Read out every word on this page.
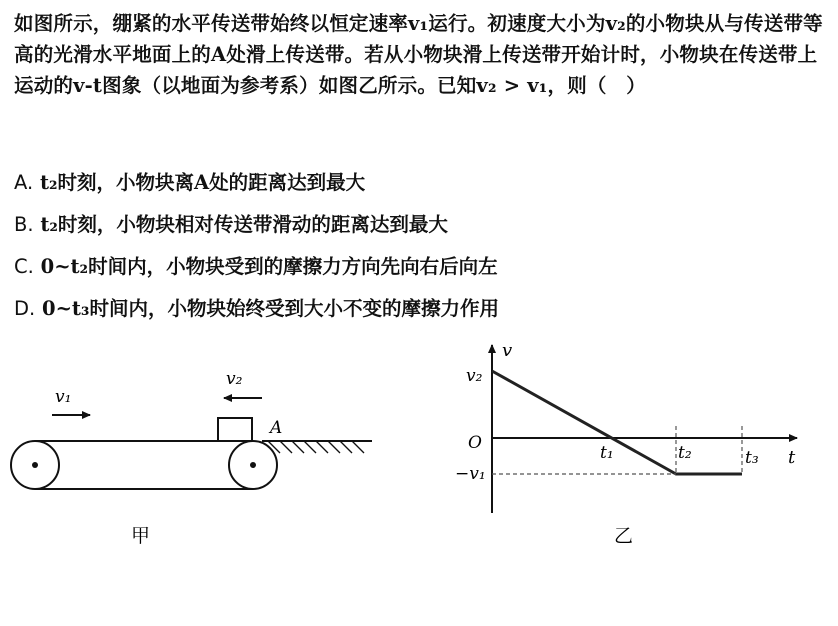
如图所示，绷紧的水平传送带始终以恒定速率v₁运行。初速度大小为v₂的小物块从与传送带等高的光滑水平地面上的A处滑上传送带。若从小物块滑上传送带开始计时，小物块在传送带上运动的v-t图象（以地面为参考系）如图乙所示。已知v₂ > v₁，则（　）
A. t₂时刻，小物块离A处的距离达到最大
B. t₂时刻，小物块相对传送带滑动的距离达到最大
C. 0~t₂时间内，小物块受到的摩擦力方向先向右后向左
D. 0~t₃时间内，小物块始终受到大小不变的摩擦力作用
v₁
v₂
A
甲
v
t
O
v₂
−v₁
t₁	t₂	t₃
乙
